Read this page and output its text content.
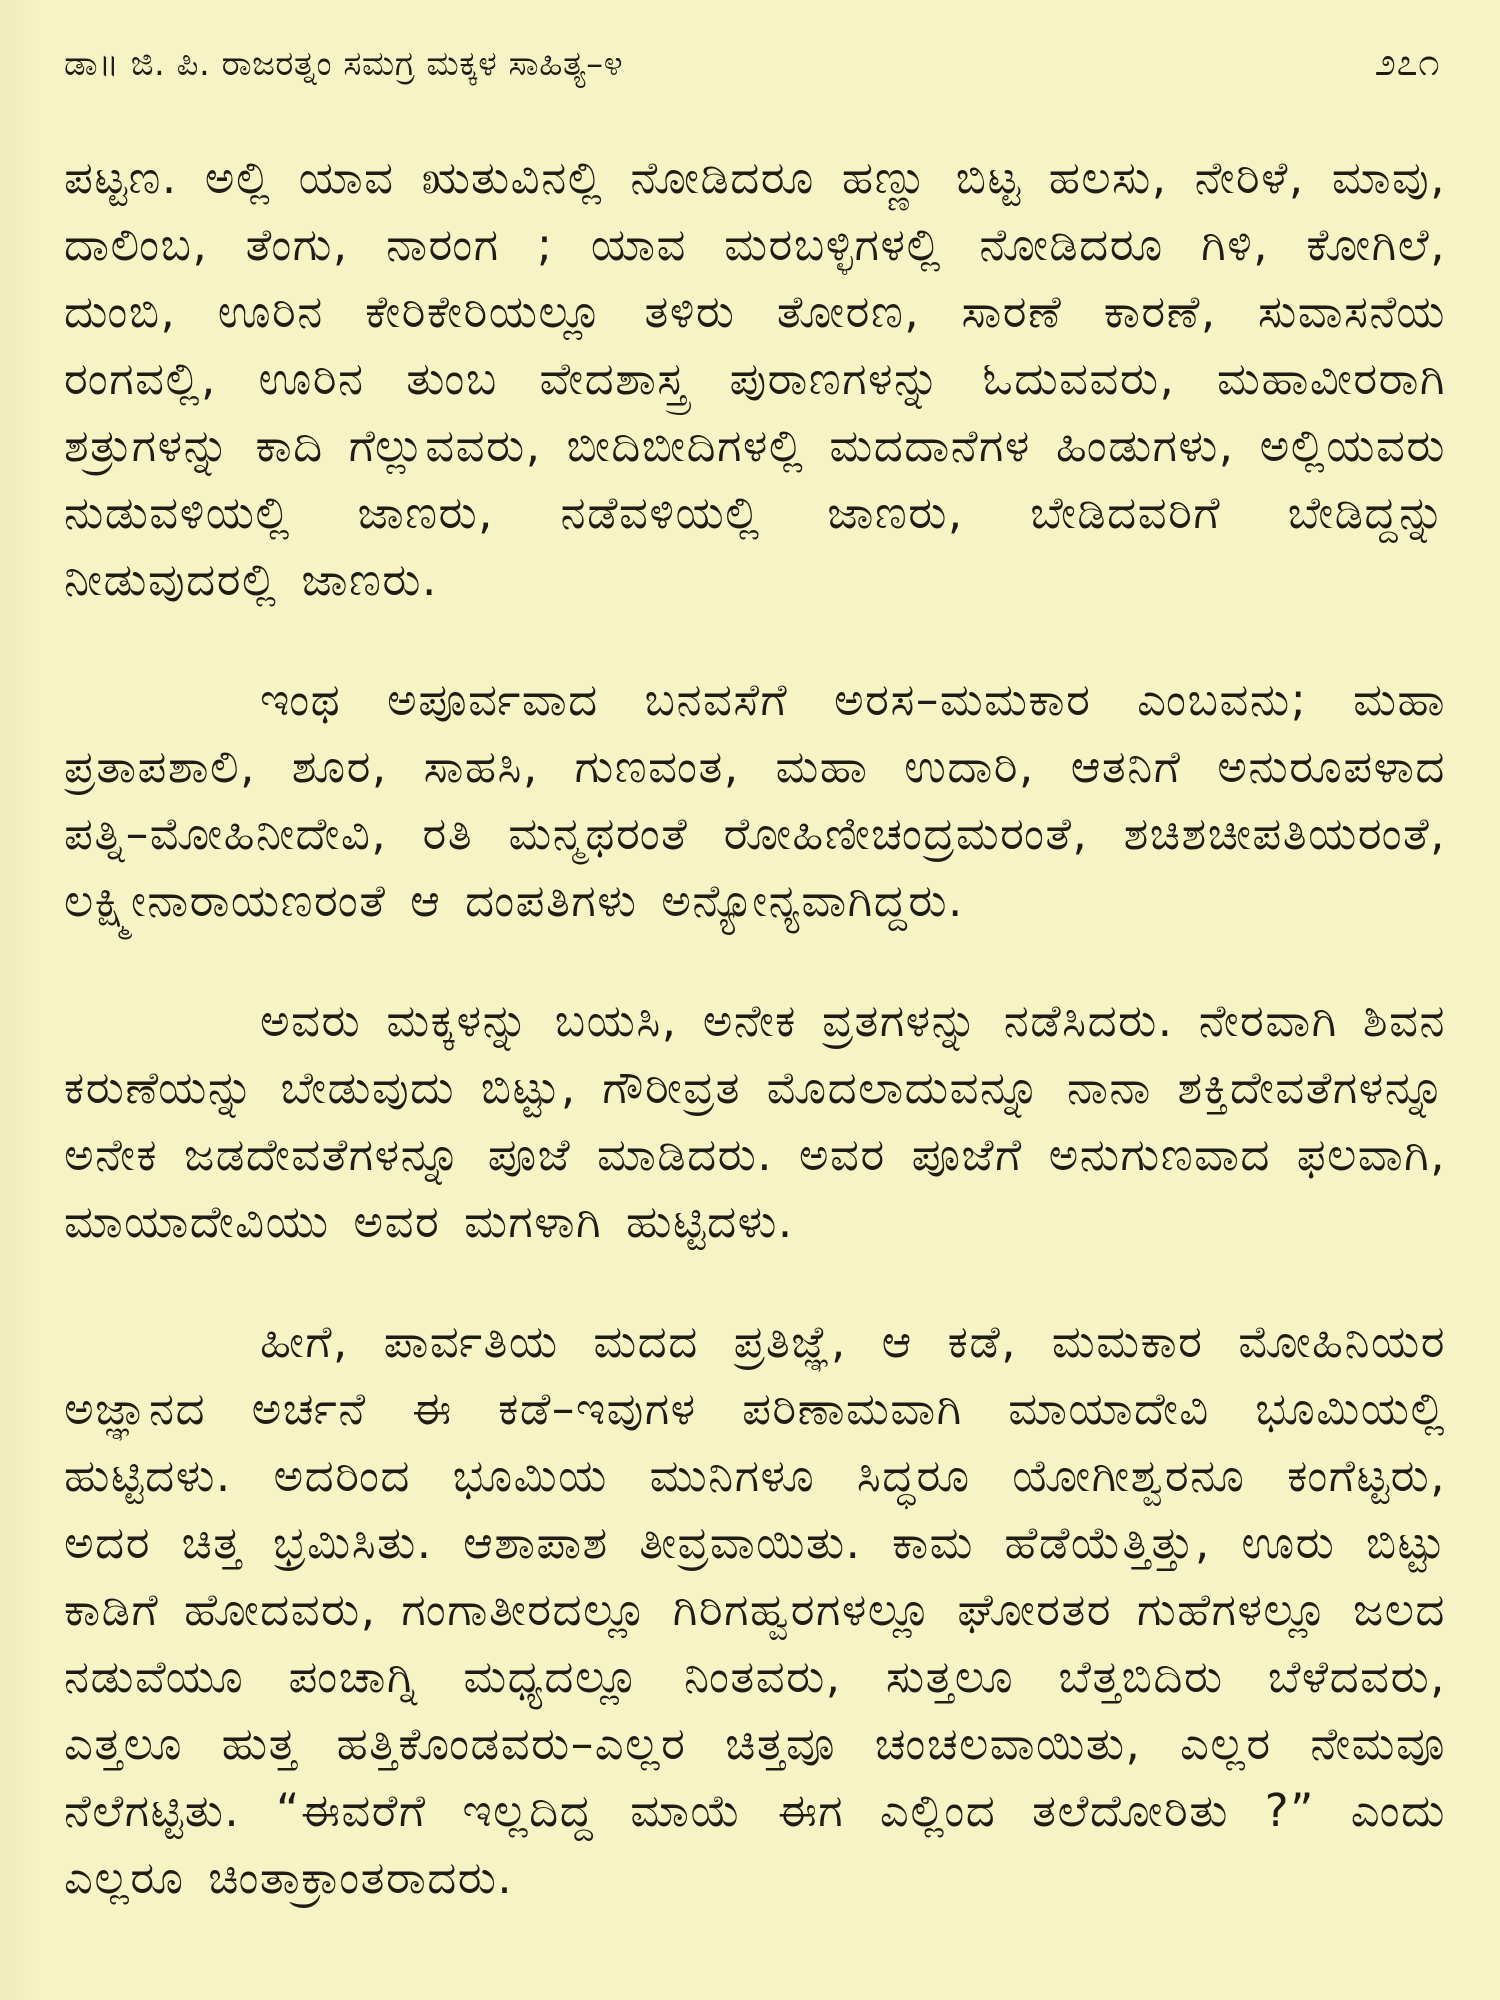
ಡಾ॥ ಜಿ. ಪಿ. ರಾಜರತ್ನಂ ಸಮಗ್ರ ಮಕ್ಕಳ ಸಾಹಿತ್ಯ–೪	೨೭೧

ಪಟ್ಟಣ. ಅಲ್ಲಿ ಯಾವ ಋತುವಿನಲ್ಲಿ ನೋಡಿದರೂ ಹಣ್ಣು ಬಿಟ್ಟ ಹಲಸು, ನೇರಿಳೆ, ಮಾವು, ದಾಲಿಂಬ, ತೆಂಗು, ನಾರಂಗ ; ಯಾವ ಮರಬಳ್ಳಿಗಳಲ್ಲಿ ನೋಡಿದರೂ ಗಿಳಿ, ಕೋಗಿಲೆ, ದುಂಬಿ, ಊರಿನ ಕೇರಿಕೇರಿಯಲ್ಲೂ ತಳಿರು ತೋರಣ, ಸಾರಣೆ ಕಾರಣೆ, ಸುವಾಸನೆಯ ರಂಗವಲ್ಲಿ, ಊರಿನ ತುಂಬ ವೇದಶಾಸ್ತ್ರ ಪುರಾಣಗಳನ್ನು ಓದುವವರು, ಮಹಾವೀರರಾಗಿ ಶತ್ರುಗಳನ್ನು ಕಾದಿ ಗೆಲ್ಲುವವರು, ಬೀದಿಬೀದಿಗಳಲ್ಲಿ ಮದದಾನೆಗಳ ಹಿಂಡುಗಳು, ಅಲ್ಲಿಯವರು ನುಡುವಳಿಯಲ್ಲಿ ಜಾಣರು, ನಡೆವಳಿಯಲ್ಲಿ ಜಾಣರು, ಬೇಡಿದವರಿಗೆ ಬೇಡಿದ್ದನ್ನು ನೀಡುವುದರಲ್ಲಿ ಜಾಣರು.

ಇಂಥ ಅಪೂರ್ವವಾದ ಬನವಸೆಗೆ ಅರಸ–ಮಮಕಾರ ಎಂಬವನು; ಮಹಾ ಪ್ರತಾಪಶಾಲಿ, ಶೂರ, ಸಾಹಸಿ, ಗುಣವಂತ, ಮಹಾ ಉದಾರಿ, ಆತನಿಗೆ ಅನುರೂಪಳಾದ ಪತ್ನಿ–ಮೋಹಿನೀದೇವಿ, ರತಿ ಮನ್ಮಥರಂತೆ ರೋಹಿಣೀಚಂದ್ರಮರಂತೆ, ಶಚಿಶಚೀಪತಿಯರಂತೆ, ಲಕ್ಷ್ಮೀನಾರಾಯಣರಂತೆ ಆ ದಂಪತಿಗಳು ಅನ್ಯೋನ್ಯವಾಗಿದ್ದರು.

ಅವರು ಮಕ್ಕಳನ್ನು ಬಯಸಿ, ಅನೇಕ ವ್ರತಗಳನ್ನು ನಡೆಸಿದರು. ನೇರವಾಗಿ ಶಿವನ ಕರುಣೆಯನ್ನು ಬೇಡುವುದು ಬಿಟ್ಟು, ಗೌರೀವ್ರತ ಮೊದಲಾದುವನ್ನೂ ನಾನಾ ಶಕ್ತಿದೇವತೆಗಳನ್ನೂ ಅನೇಕ ಜಡದೇವತೆಗಳನ್ನೂ ಪೂಜೆ ಮಾಡಿದರು. ಅವರ ಪೂಜೆಗೆ ಅನುಗುಣವಾದ ಫಲವಾಗಿ, ಮಾಯಾದೇವಿಯು ಅವರ ಮಗಳಾಗಿ ಹುಟ್ಟಿದಳು.

ಹೀಗೆ, ಪಾರ್ವತಿಯ ಮದದ ಪ್ರತಿಜ್ಞೆ, ಆ ಕಡೆ, ಮಮಕಾರ ಮೋಹಿನಿಯರ ಅಜ್ಞಾನದ ಅರ್ಚನೆ ಈ ಕಡೆ–ಇವುಗಳ ಪರಿಣಾಮವಾಗಿ ಮಾಯಾದೇವಿ ಭೂಮಿಯಲ್ಲಿ ಹುಟ್ಟಿದಳು. ಅದರಿಂದ ಭೂಮಿಯ ಮುನಿಗಳೂ ಸಿದ್ಧರೂ ಯೋಗೀಶ್ವರನೂ ಕಂಗೆಟ್ಟರು, ಅದರ ಚಿತ್ತ ಭ್ರಮಿಸಿತು. ಆಶಾಪಾಶ ತೀವ್ರವಾಯಿತು. ಕಾಮ ಹೆಡೆಯೆತ್ತಿತ್ತು, ಊರು ಬಿಟ್ಟು ಕಾಡಿಗೆ ಹೋದವರು, ಗಂಗಾತೀರದಲ್ಲೂ ಗಿರಿಗಹ್ವರಗಳಲ್ಲೂ ಘೋರತರ ಗುಹೆಗಳಲ್ಲೂ ಜಲದ ನಡುವೆಯೂ ಪಂಚಾಗ್ನಿ ಮಧ್ಯದಲ್ಲೂ ನಿಂತವರು, ಸುತ್ತಲೂ ಬೆತ್ತಬಿದಿರು ಬೆಳೆದವರು, ಎತ್ತಲೂ ಹುತ್ತ ಹತ್ತಿಕೊಂಡವರು–ಎಲ್ಲರ ಚಿತ್ತವೂ ಚಂಚಲವಾಯಿತು, ಎಲ್ಲರ ನೇಮವೂ ನೆಲೆಗಟ್ಟಿತು. “ಈವರೆಗೆ ಇಲ್ಲದಿದ್ದ ಮಾಯೆ ಈಗ ಎಲ್ಲಿಂದ ತಲೆದೋರಿತು ?” ಎಂದು ಎಲ್ಲರೂ ಚಿಂತಾಕ್ರಾಂತರಾದರು.
